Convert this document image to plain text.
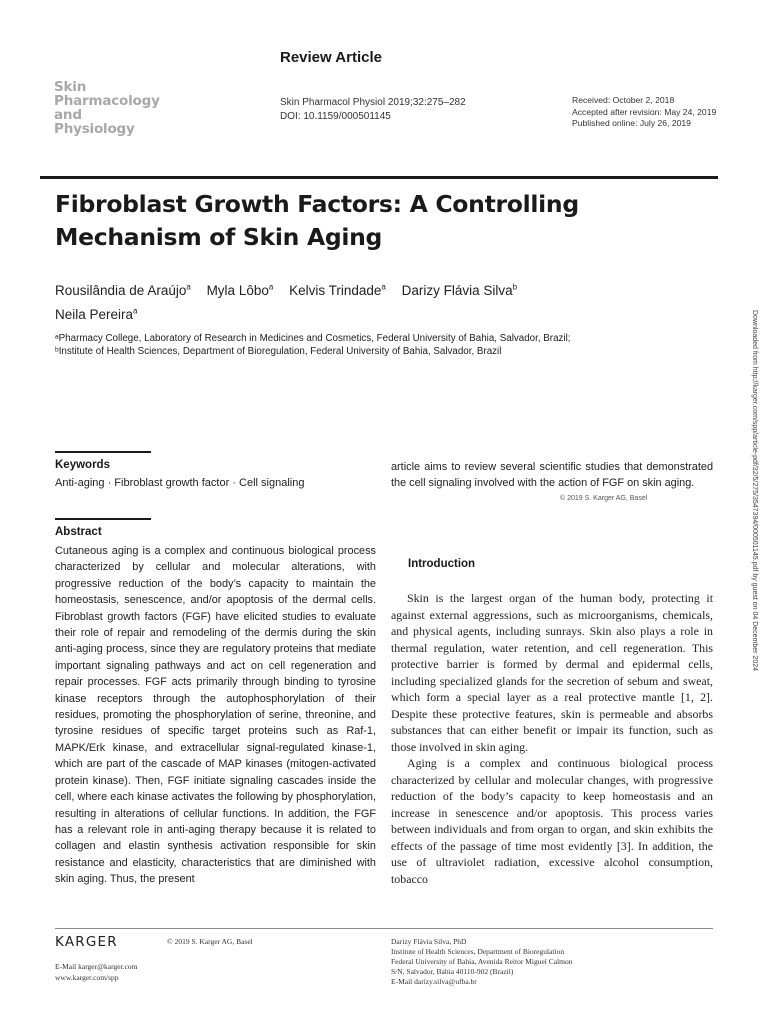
Skin
Pharmacology
and
Physiology
Review Article
Skin Pharmacol Physiol 2019;32:275–282
DOI: 10.1159/000501145
Received: October 2, 2018
Accepted after revision: May 24, 2019
Published online: July 26, 2019
Fibroblast Growth Factors: A Controlling
Mechanism of Skin Aging
Rousilândia de Araújo$^a$ Myla Lôbo$^a$ Kelvis Trindade$^a$ Darizy Flávia Silva$^b$
Neila Pereira$^a$
ᵃPharmacy College, Laboratory of Research in Medicines and Cosmetics, Federal University of Bahia, Salvador, Brazil;
ᵇInstitute of Health Sciences, Department of Bioregulation, Federal University of Bahia, Salvador, Brazil	Downloaded from http://karger.com/spp/article-pdf/32/5/275/3547394/000501145.pdf by guest on 04 December 2024
Keywords
Anti-aging · Fibroblast growth factor · Cell signaling
Abstract
Cutaneous aging is a complex and continuous biological process characterized by cellular and molecular alterations, with progressive reduction of the body’s capacity to maintain the homeostasis, senescence, and/or apoptosis of the dermal cells. Fibroblast growth factors (FGF) have elicited studies to evaluate their role of repair and remodeling of the dermis during the skin anti-aging process, since they are regulatory proteins that mediate important signaling pathways and act on cell regeneration and repair processes. FGF acts primarily through binding to tyrosine kinase receptors through the autophosphorylation of their residues, promoting the phosphorylation of serine, threonine, and tyrosine residues of specific target proteins such as Raf-1, MAPK/Erk kinase, and extracellular signal-regulated kinase-1, which are part of the cascade of MAP kinases (mitogen-activated protein kinase). Then, FGF initiate signaling cascades inside the cell, where each kinase activates the following by phosphorylation, resulting in alterations of cellular functions. In addition, the FGF has a relevant role in anti-aging therapy because it is related to collagen and elastin synthesis activation responsible for skin resistance and elasticity, characteristics that are diminished with skin aging. Thus, the present
article aims to review several scientific studies that demonstrated the cell signaling involved with the action of FGF on skin aging.
© 2019 S. Karger AG, Basel
Introduction

Skin is the largest organ of the human body, protecting it against external aggressions, such as microorganisms, chemicals, and physical agents, including sunrays. Skin also plays a role in thermal regulation, water retention, and cell regeneration. This protective barrier is formed by dermal and epidermal cells, including specialized glands for the secretion of sebum and sweat, which form a special layer as a real protective mantle [1, 2]. Despite these protective features, skin is permeable and absorbs substances that can either benefit or impair its function, such as those involved in skin aging.

Aging is a complex and continuous biological process characterized by cellular and molecular changes, with progressive reduction of the body’s capacity to keep homeostasis and an increase in senescence and/or apoptosis. This process varies between individuals and from organ to organ, and skin exhibits the effects of the passage of time most evidently [3]. In addition, the use of ultraviolet radiation, excessive alcohol consumption, tobacco

KARGER	© 2019 S. Karger AG, Basel
E-Mail karger@karger.com
www.karger.com/spp
Darizy Flávia Silva, PhD
Institute of Health Sciences, Department of Bioregulation
Federal University of Bahia, Avenida Reitor Miguel Calmon
S/N, Salvador, Bahia 40110-902 (Brazil)
E-Mail darizy.silva@ufba.br
